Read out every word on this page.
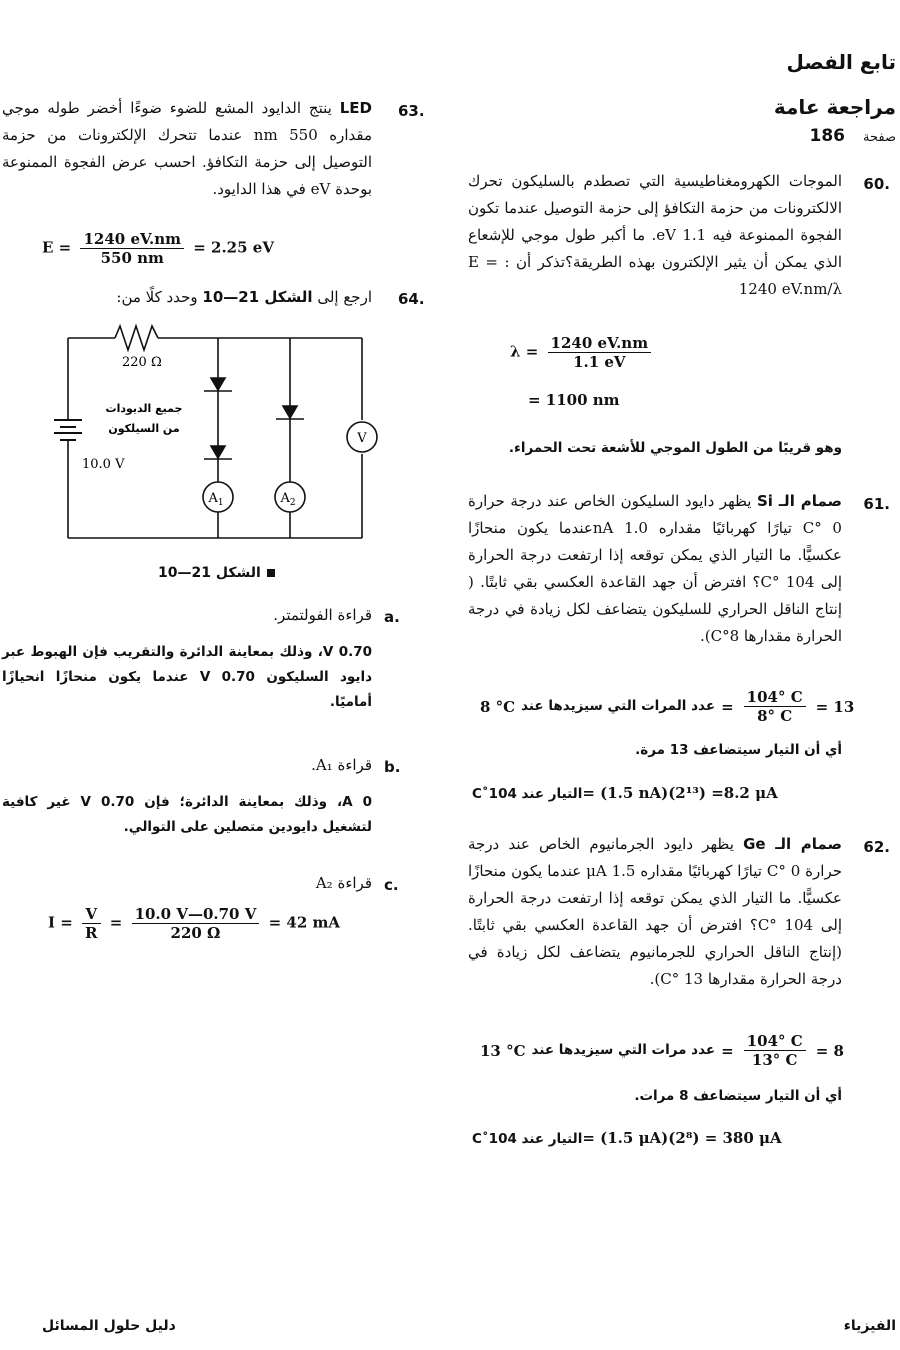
تابع الفصل
مراجعة عامة
صفحة
186
.60
الموجات الكهرومغناطيسية التي تصطدم بالسليكون تحرك الالكترونات من حزمة التكافؤ إلى حزمة التوصيل عندما تكون الفجوة الممنوعة فيه 1.1 eV. ما أكبر طول موجي للإشعاع الذي يمكن أن يثير الإلكترون بهذه الطريقة؟تذكر أن : E = 1240 eV.nm/λ
$\lambda = \frac{1240 eV.nm}{1.1 eV}$
= 1100 nm
وهو قريبًا من الطول الموجي للأشعة تحت الحمراء.
.61
صمام الـ Si يظهر دايود السليكون الخاص عند درجة حرارة 0 °C تيارًا كهربائيًا مقداره 1.0 nAعندما يكون منحازًا عكسيًّا. ما التيار الذي يمكن توقعه إذا ارتفعت درجة الحرارة إلى 104 °C؟ افترض أن جهد القاعدة العكسي بقي ثابتًا. ( إنتاج الناقل الحراري للسليكون يتضاعف لكل زيادة في درجة الحرارة مقدارها 8°C).
8 °C عدد المرات التي سيزيدها عند = $\frac{104^\circ C}{8^\circ C} = 13$
أي أن التيار سيتضاعف 13 مرة.
التيار عند 104˚C = (1.5 nA)(2¹³) =8.2 μA
.62
صمام الـ Ge يظهر دايود الجرمانيوم الخاص عند درجة حرارة 0 °C تيارًا كهربائيًا مقداره 1.5 μA عندما يكون منحازًا عكسيًّا. ما التيار الذي يمكن توقعه إذا ارتفعت درجة الحرارة إلى 104 °C؟ افترض أن جهد القاعدة العكسي بقي ثابتًا. (إنتاج الناقل الحراري للجرمانيوم يتضاعف لكل زيادة في درجة الحرارة مقدارها 13 °C).
13 °C عدد مرات التي سيزيدها عند = $\frac{104^\circ C}{13^\circ C} = 8$
أي أن التيار سيتضاعف 8 مرات.
التيار عند 104˚C = (1.5 μA)(2⁸) = 380 μA
.63
LED ينتج الدايود المشع للضوء ضوءًا أخضر طوله موجي مقداره 550 nm عندما تتحرك الإلكترونات من حزمة التوصيل إلى حزمة التكافؤ. احسب عرض الفجوة الممنوعة بوحدة eV في هذا الدايود.
$E = \frac{1240 eV.nm}{550 nm} = 2.25$ eV
.64
ارجع إلى الشكل 21—10 وحدد كلًا من:
220 Ω
جميع الديودات
من السيلكون
10.0 V
V
$A_1$	$A_2$
الشكل 21—10
.a
قراءة الفولتمتر.
0.70 V، وذلك بمعاينة الدائرة والتقريب فإن الهبوط عبر دايود السليكون 0.70 V عندما يكون منحازًا انحيازًا أماميًا.
.b
قراءة A₁.
0 A، وذلك بمعاينة الدائرة؛ فإن 0.70 V غير كافية لتشغيل دايودين متصلين على التوالي.
.c
قراءة A₂
$I = \frac{V}{R} = \frac{10.0 V—0.70 V}{220 \Omega} = 42$ mA
الفيزياء
دليل حلول المسائل
